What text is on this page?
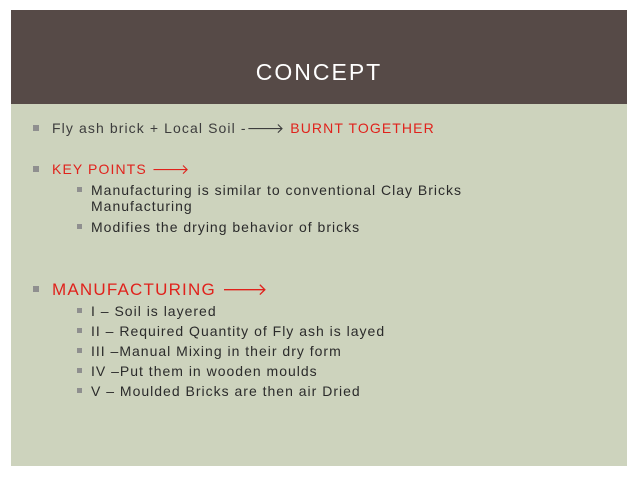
CONCEPT
Fly ash brick + Local Soil -🡒 BURNT TOGETHER
KEY POINTS 🡒
Manufacturing is similar to conventional Clay Bricks
Manufacturing
Modifies the drying behavior of bricks
MANUFACTURING 🡒
I – Soil is layered
II – Required Quantity of Fly ash is layed
III –Manual Mixing in their dry form
IV –Put them in wooden moulds
V – Moulded Bricks are then air Dried
